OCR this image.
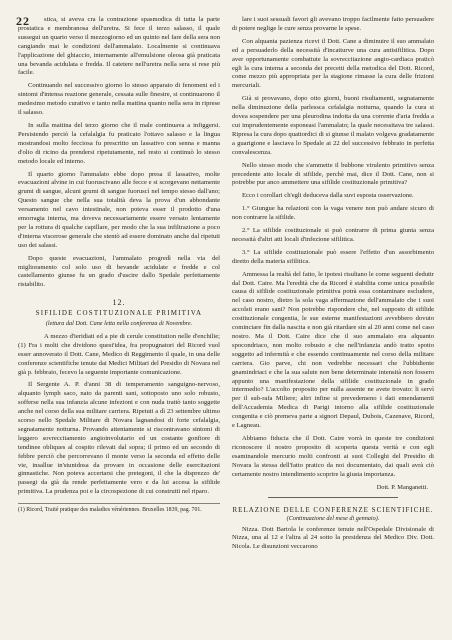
22	stica, si aveva cra la contrazione spasmodica di tutta la parte prostatica e membranosa dell'uretra. Si fece il terzo salasso, il quale sussegui un quarto verso il mezzogiorno ed un quinto nel fare della sera non cangiando mai le condizioni dell'ammalato. Localmente si continuava l'applicazione del ghiaccio, internamente all'emulsione oleosa già praticata una bevanda acidulata e fredda. Il catetere nell'uretra nella sera si rese più facile.

Continuando nel successivo giorno lo stesso apparato di fenomeni ed i sintomi d'intensa reazione generale, cessata sulle finestre, si continuarono il medesimo metodo curativo e tanto nella mattina quanto nella sera in riprese il salasso.

In sulla mattina del terzo giorno che il male continuava a infiggersi. Persistendo perciò la cefalalgia fu praticato l'ottavo salasso e la lingua mostrandosi molto fecciosa fu prescritto un lassativo con senna e manna d'olio di ricino da prendersi ripetutamente, nel resto si continuò lo stesso metodo locale ed interno.

Il quarto giorno l'ammalato ebbe dopo presa il lassativo, molte evacuazioni alvine in cui fuoruscivano alle fecce e si scorgevano nettamente grumi di sangue, alcuni grumi di sangue fuoruscì nel tempo stesso dall'ano; Questo sangue che nella sua totalità deva la prova d'un abbondante versamento nel cavo intestinale, non poteva esser il prodotto d'una emorragia interna, ma doveva necessariamente essere versato lentamente per la rottura di qualche capillare, per modo che la sua infiltrazione a poco d'interna viscerose generale che stentò ad essere dominato anche dal ripetuti uso dei salassi.

Dopo queste evacuazioni, l'ammalato progredì nella via del miglioramento col solo uso di bevande acidulate e fredde e col castellamento giunse fu un grado d'uscire dallo Spedale perfettamente ristabilito.

12.
SIFILIDE COSTITUZIONALE PRIMITIVA
(lettura dal Dott. Cane letta nella conferenza di Novembre.

A mezzo d'ieridiati ed a pie di cerule constitution nelle d'enchilie; (1) Fra i molti che dividono quest'idea, fra propugnatori del Ricord vuol esser annoverato il Dott. Cane, Medico di Reggimento il quale, in una delle conferenze scientifiche tenute dai Medici Militari del Presidio di Novara nel già p. febbraio, fecevo la seguente importante comunicazione.

Il Sergente A. P. d'anni 38 di temperamento sanguigno-nervoso, alquanto lymph saco, nato da parenti sani, sottoposto uno solo robusto, sofferse nella sua infanzia alcune infezioni e con nuda trattò tanto soggette anche nel corso della sua militare carriera. Ripetuti a dì 23 settembre ultimo scorso nello Spedale Militare di Novara lagnandosi di forte cefalalgia, segnatamente notturna. Provando attentamente si riscontravano sintomi di leggero sovreccitamento angioinvolutario ed un costante gonfiore di tendinee obliques al cospito rilevati dal sopra; il primo ed un secondo di febbre perciò che percorrevano il monte verso la seconda ed effetto delle vie, insallue in'stunidosa da provare in occasione delle esercitazioni ginnastiche. Non poteva accertarsi che pretegoni, il che la disprezzo de' passegi da già da rende perfettamente vero e da lui accesa la sifilide primitiva. La prudenza poi e la circospezione di cui construtti nel riparo.

(1) Ricord, Traité pratique des maladies vénériennes. Bruxelles 1839, pag. 701.

lare i suoi sessuali favori gli avevano troppo facilmente fatto persuadere di potere neglige le cure senza provarne le spese.

Con alquanta pazienza ricevi il Dott. Cane a diminuire il suo ammalato ed a persuaderlo della necessità d'incatturve una cura antisifilitica. Dopo aver opportunamente combattute la sovreccitazione angio-cardiaca praticò egli la cura interna a seconda dei precetti della metodica del Dott. Ricord, come mezzo più appropriata per la stagione rimasse la cura delle frizioni mercuriali.

Già si provavano, dopo otto giorni, buoni risultamenti, segnatamente nella diminuzione della parlessca cefalalgia notturna, quando la cura si dovea sospendere per una pleurodina indotta da una corrente d'aria fredda a cui imprudentemente esponeasi l'ammalato; la quale necessitava tre salassi. Ripresa la cura dopo quattordici di si giunse il malato volgeva gradatamente a guarigione e lasciava lo Spedale ai 22 del successivo febbraio in perfetta convalescenza.

Nello stesso modo che s'ammette il bubbone virulento primitivo senza precedente atto locale di sifilide, perchè mai, dice il Dott. Cane, non si potrebbe pur anco ammettere una sifilide costituzionale primitiva?

Ecco i corollari ch'egli deduceva dalla suvi esposta osservazione.

1.° Giungue ha relazioni con la vaga venere non può andare sicuro di non contrarre la sifilide.

2.° La sifilide costituzionale si può contrarre di prima giunta senza necessità d'altri atti locali d'infezione sifilitica.

3.° La sifilide costituzionale può essere l'effetto d'un assorbimento diretto della materia sifilitica.

Ammessa la realtà del fatto, le ipotesi risultano le come seguenti deduttr dal Dott. Caire. Ma l'eredità che da Ricord è stabilita come unica possibile causa di sifilide costituzionale primitiva potrà essa contaminare escludere, nel caso nostro, dietro la sola vaga affermazione dell'ammalato che i suoi accolsti erano sani? Non potrebbe rispondere che, nel supposto di sifilide costituzionale congenita, le sue esterne manifestazioni avvebbero dovuto cominciare fin dalla nascita e non già ritardare sin al 20 anni come nel caso nostro. Ma il Dott. Caire dice che il suo ammalato era alquanto spocondriaco, non molto robusto e che nell'infanzia andò tratto spotto soggetto ad infermità e che essendo continuamente nel corso della militare carriera. Gio parve, chi non vedrebbe necessari che l'ubbidiente gnamindriaci e che la sua salute non bene determinate intensità non fossero appunto una manifestazione della sifilide costituzionale in grado intermedio? L'accolto proposito per nulla assente ne avete trovato: li servì per il sub-rafa Miliere; altri infine si prevedemeno i dati emendamenti dell'Accademia Medica di Parigi intorno alla sifilide costituzionale congenita e ciò premeva parte a signori Depaul, Dubois, Cazenave, Ricord, e Lagneau.

Abbiamo fiducia che il Dott. Caire vorrà in queste tre condizioni riconoscere il nostro proposito di scoperta questa verità e con egli esaminandole mercurio molti confronti ai suoi Colleghi del Presidio di Novara la stessa dell'fatto pratico da noi documentato, dai quali avrà ciò certamente nostro intendimento scoprire la giusta importanza.

Dott. P. Manganetti.
RELAZIONE DELLE CONFERENZE SCIENTIFICHE.
(Continuazione del mese di gennaio).

Nizza. Dott Bartola le conferenze tenute nell'Ospedale Divisionale di Nizza, una al 12 e l'altra al 24 sotto la presidenza del Medico Div. Dott. Nicola. Le disunzioni veccarono
